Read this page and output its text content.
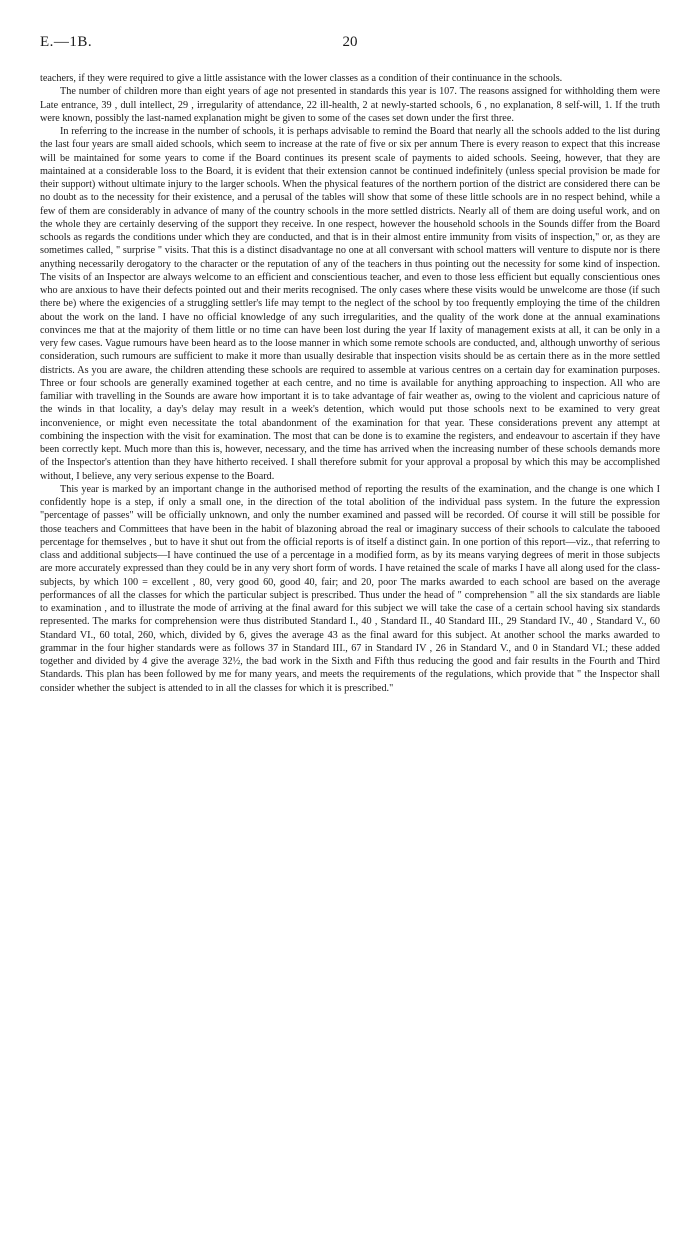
E.—1B.	20

teachers, if they were required to give a little assistance with the lower classes as a condition of their continuance in the schools.

The number of children more than eight years of age not presented in standards this year is 107. The reasons assigned for withholding them were Late entrance, 39 , dull intellect, 29 , irregularity of attendance, 22 ill-health, 2 at newly-started schools, 6 , no explanation, 8 self-will, 1. If the truth were known, possibly the last-named explanation might be given to some of the cases set down under the first three.

In referring to the increase in the number of schools, it is perhaps advisable to remind the Board that nearly all the schools added to the list during the last four years are small aided schools, which seem to increase at the rate of five or six per annum There is every reason to expect that this increase will be maintained for some years to come if the Board continues its present scale of payments to aided schools. Seeing, however, that they are maintained at a considerable loss to the Board, it is evident that their extension cannot be continued indefinitely (unless special provision be made for their support) without ultimate injury to the larger schools. When the physical features of the northern portion of the district are considered there can be no doubt as to the necessity for their existence, and a perusal of the tables will show that some of these little schools are in no respect behind, while a few of them are considerably in advance of many of the country schools in the more settled districts. Nearly all of them are doing useful work, and on the whole they are certainly deserving of the support they receive. In one respect, however the household schools in the Sounds differ from the Board schools as regards the conditions under which they are conducted, and that is in their almost entire immunity from visits of inspection," or, as they are sometimes called, " surprise " visits. That this is a distinct disadvantage no one at all conversant with school matters will venture to dispute nor is there anything necessarily derogatory to the character or the reputation of any of the teachers in thus pointing out the necessity for some kind of inspection. The visits of an Inspector are always welcome to an efficient and conscientious teacher, and even to those less efficient but equally conscientious ones who are anxious to have their defects pointed out and their merits recognised. The only cases where these visits would be unwelcome are those (if such there be) where the exigencies of a struggling settler's life may tempt to the neglect of the school by too frequently employing the time of the children about the work on the land. I have no official knowledge of any such irregularities, and the quality of the work done at the annual examinations convinces me that at the majority of them little or no time can have been lost during the year If laxity of management exists at all, it can be only in a very few cases. Vague rumours have been heard as to the loose manner in which some remote schools are conducted, and, although unworthy of serious consideration, such rumours are sufficient to make it more than usually desirable that inspection visits should be as certain there as in the more settled districts. As you are aware, the children attending these schools are required to assemble at various centres on a certain day for examination purposes. Three or four schools are generally examined together at each centre, and no time is available for anything approaching to inspection. All who are familiar with travelling in the Sounds are aware how important it is to take advantage of fair weather as, owing to the violent and capricious nature of the winds in that locality, a day's delay may result in a week's detention, which would put those schools next to be examined to very great inconvenience, or might even necessitate the total abandonment of the examination for that year. These considerations prevent any attempt at combining the inspection with the visit for examination. The most that can be done is to examine the registers, and endeavour to ascertain if they have been correctly kept. Much more than this is, however, necessary, and the time has arrived when the increasing number of these schools demands more of the Inspector's attention than they have hitherto received. I shall therefore submit for your approval a proposal by which this may be accomplished without, I believe, any very serious expense to the Board.

This year is marked by an important change in the authorised method of reporting the results of the examination, and the change is one which I confidently hope is a step, if only a small one, in the direction of the total abolition of the individual pass system. In the future the expression "percentage of passes" will be officially unknown, and only the number examined and passed will be recorded. Of course it will still be possible for those teachers and Committees that have been in the habit of blazoning abroad the real or imaginary success of their schools to calculate the tabooed percentage for themselves , but to have it shut out from the official reports is of itself a distinct gain. In one portion of this report—viz., that referring to class and additional subjects—I have continued the use of a percentage in a modified form, as by its means varying degrees of merit in those subjects are more accurately expressed than they could be in any very short form of words. I have retained the scale of marks I have all along used for the class-subjects, by which 100 = excellent , 80, very good 60, good 40, fair; and 20, poor The marks awarded to each school are based on the average performances of all the classes for which the particular subject is prescribed. Thus under the head of " comprehension " all the six standards are liable to examination , and to illustrate the mode of arriving at the final award for this subject we will take the case of a certain school having six standards represented. The marks for comprehension were thus distributed Standard I., 40 , Standard II., 40 Standard III., 29 Standard IV., 40 , Standard V., 60 Standard VI., 60 total, 260, which, divided by 6, gives the average 43 as the final award for this subject. At another school the marks awarded to grammar in the four higher standards were as follows 37 in Standard III., 67 in Standard IV , 26 in Standard V., and 0 in Standard VI.; these added together and divided by 4 give the average 32½, the bad work in the Sixth and Fifth thus reducing the good and fair results in the Fourth and Third Standards. This plan has been followed by me for many years, and meets the requirements of the regulations, which provide that " the Inspector shall consider whether the subject is attended to in all the classes for which it is prescribed."
